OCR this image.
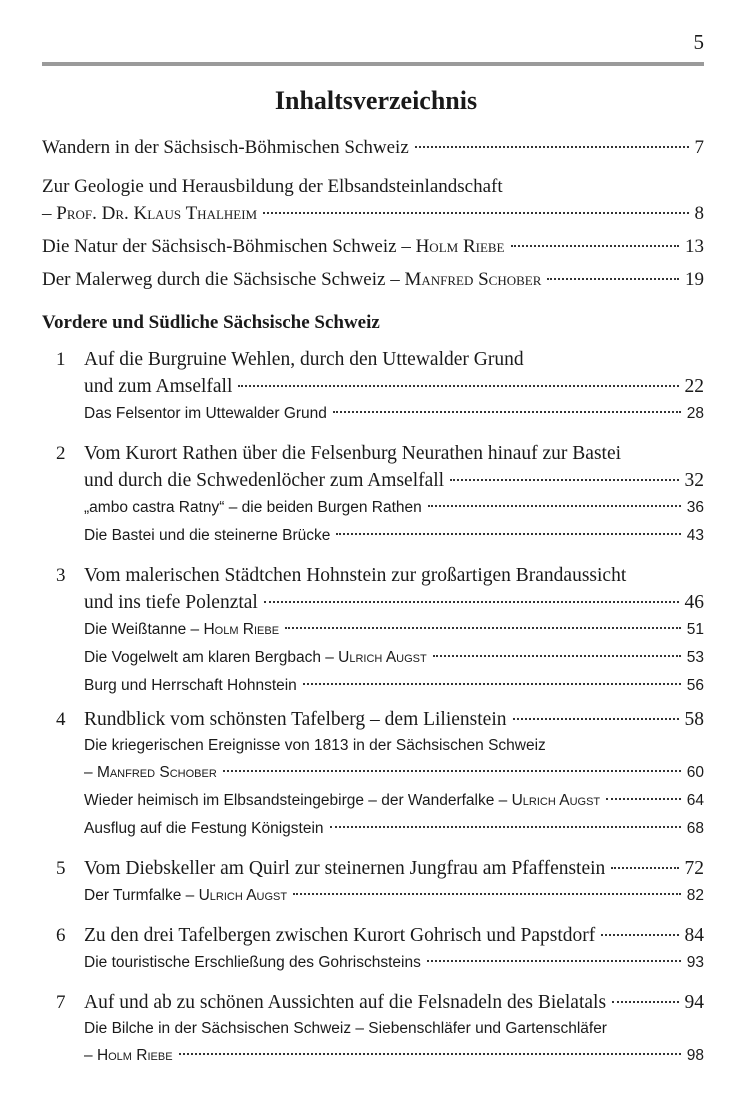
5
Inhaltsverzeichnis
Wandern in der Sächsisch-Böhmischen Schweiz	7
Zur Geologie und Herausbildung der Elbsandsteinlandschaft
– Prof. Dr. Klaus Thalheim	8
Die Natur der Sächsisch-Böhmischen Schweiz – Holm Riebe	13
Der Malerweg durch die Sächsische Schweiz – Manfred Schober	19
Vordere und Südliche Sächsische Schweiz
1 Auf die Burgruine Wehlen, durch den Uttewalder Grund
und zum Amselfall	22
Das Felsentor im Uttewalder Grund	28
2 Vom Kurort Rathen über die Felsenburg Neurathen hinauf zur Bastei
und durch die Schwedenlöcher zum Amselfall	32
„ambo castra Ratny“ – die beiden Burgen Rathen	36
Die Bastei und die steinerne Brücke	43
3 Vom malerischen Städtchen Hohnstein zur großartigen Brandaussicht
und ins tiefe Polenztal	46
Die Weißtanne – Holm Riebe	51
Die Vogelwelt am klaren Bergbach – Ulrich Augst	53
Burg und Herrschaft Hohnstein	56
4 Rundblick vom schönsten Tafelberg – dem Lilienstein	58
Die kriegerischen Ereignisse von 1813 in der Sächsischen Schweiz
– Manfred Schober	60
Wieder heimisch im Elbsandsteingebirge – der Wanderfalke – Ulrich Augst	64
Ausflug auf die Festung Königstein	68
5 Vom Diebskeller am Quirl zur steinernen Jungfrau am Pfaffenstein	72
Der Turmfalke – Ulrich Augst	82
6 Zu den drei Tafelbergen zwischen Kurort Gohrisch und Papstdorf	84
Die touristische Erschließung des Gohrischsteins	93
7 Auf und ab zu schönen Aussichten auf die Felsnadeln des Bielatals	94
Die Bilche in der Sächsischen Schweiz – Siebenschläfer und Gartenschläfer
– Holm Riebe	98
